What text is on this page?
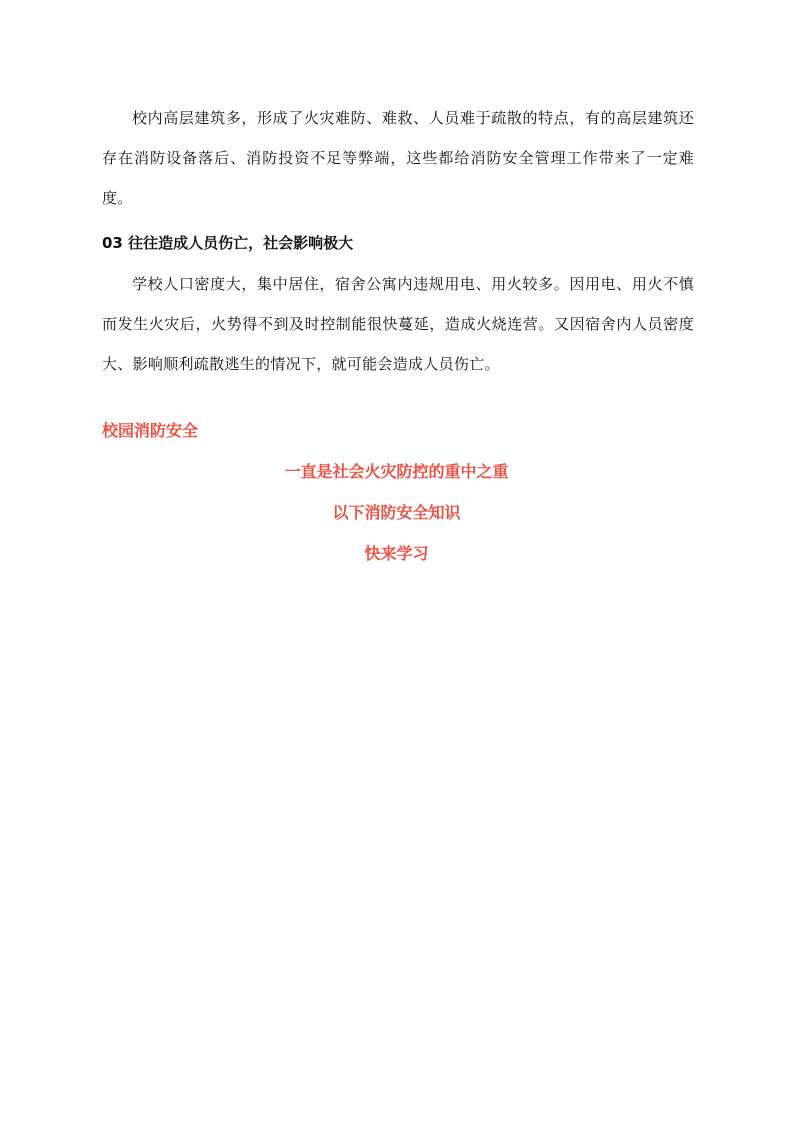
校内高层建筑多，形成了火灾难防、难救、人员难于疏散的特点，有的高层建筑还存在消防设备落后、消防投资不足等弊端，这些都给消防安全管理工作带来了一定难度。

03 往往造成人员伤亡，社会影响极大

学校人口密度大，集中居住，宿舍公寓内违规用电、用火较多。因用电、用火不慎而发生火灾后，火势得不到及时控制能很快蔓延，造成火烧连营。又因宿舍内人员密度大、影响顺利疏散逃生的情况下，就可能会造成人员伤亡。

校园消防安全

一直是社会火灾防控的重中之重

以下消防安全知识

快来学习
